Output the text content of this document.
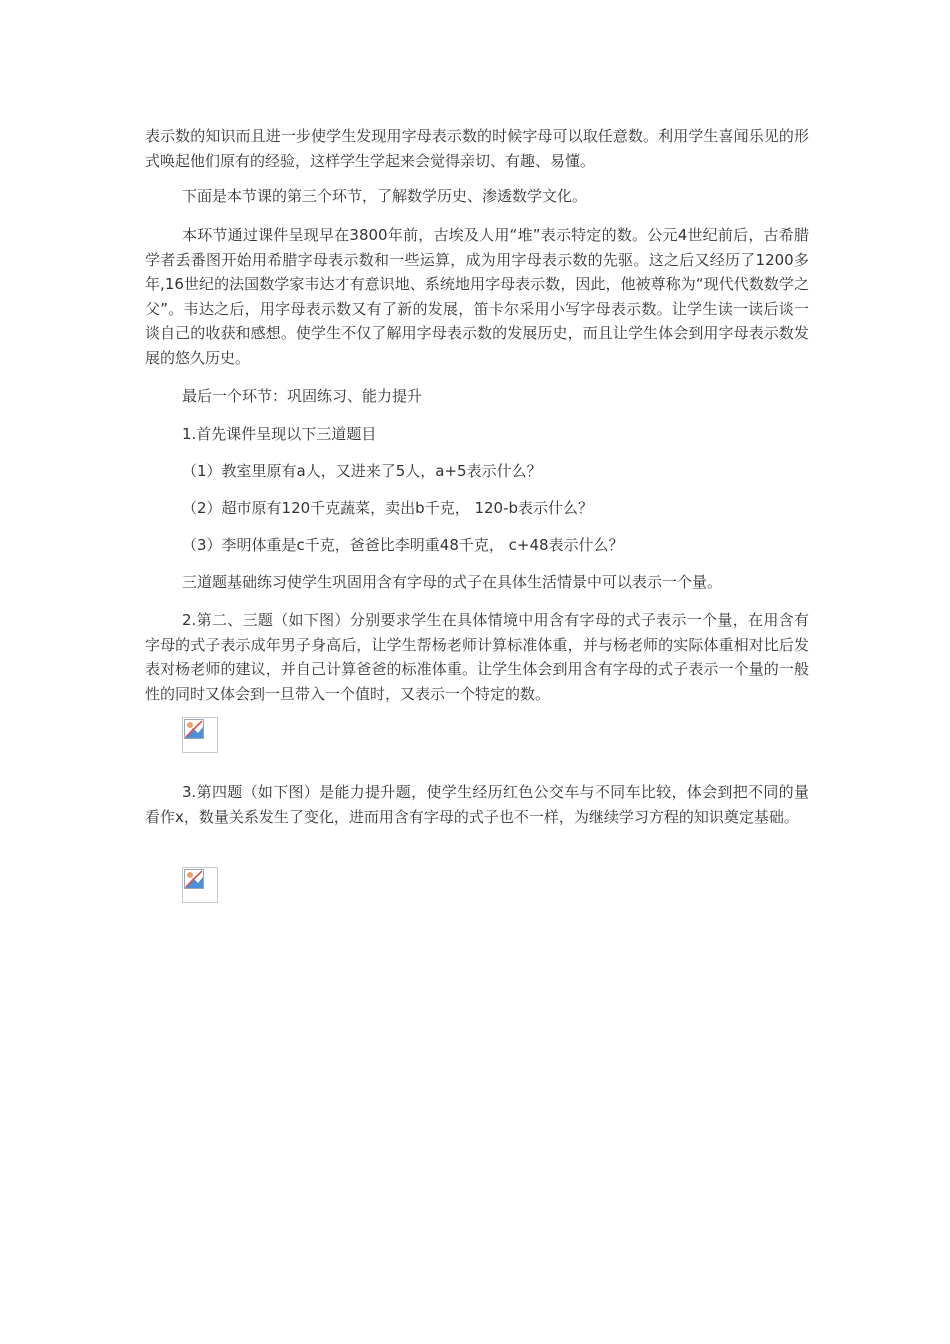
表示数的知识而且进一步使学生发现用字母表示数的时候字母可以取任意数。利用学生喜闻乐见的形式唤起他们原有的经验，这样学生学起来会觉得亲切、有趣、易懂。

下面是本节课的第三个环节，了解数学历史、渗透数学文化。

本环节通过课件呈现早在3800年前，古埃及人用“堆”表示特定的数。公元4世纪前后，古希腊学者丢番图开始用希腊字母表示数和一些运算，成为用字母表示数的先驱。这之后又经历了1200多年,16世纪的法国数学家韦达才有意识地、系统地用字母表示数，因此，他被尊称为“现代代数数学之父”。韦达之后，用字母表示数又有了新的发展，笛卡尔采用小写字母表示数。让学生读一读后谈一谈自己的收获和感想。使学生不仅了解用字母表示数的发展历史，而且让学生体会到用字母表示数发展的悠久历史。

最后一个环节：巩固练习、能力提升

1.首先课件呈现以下三道题目

（1）教室里原有a人，又进来了5人，a+5表示什么？

（2）超市原有120千克蔬菜，卖出b千克， 120-b表示什么？

（3）李明体重是c千克，爸爸比李明重48千克， c+48表示什么？

三道题基础练习使学生巩固用含有字母的式子在具体生活情景中可以表示一个量。

2.第二、三题（如下图）分别要求学生在具体情境中用含有字母的式子表示一个量，在用含有字母的式子表示成年男子身高后，让学生帮杨老师计算标准体重，并与杨老师的实际体重相对比后发表对杨老师的建议，并自己计算爸爸的标准体重。让学生体会到用含有字母的式子表示一个量的一般性的同时又体会到一旦带入一个值时，又表示一个特定的数。

3.第四题（如下图）是能力提升题，使学生经历红色公交车与不同车比较，体会到把不同的量看作x，数量关系发生了变化，进而用含有字母的式子也不一样，为继续学习方程的知识奠定基础。
